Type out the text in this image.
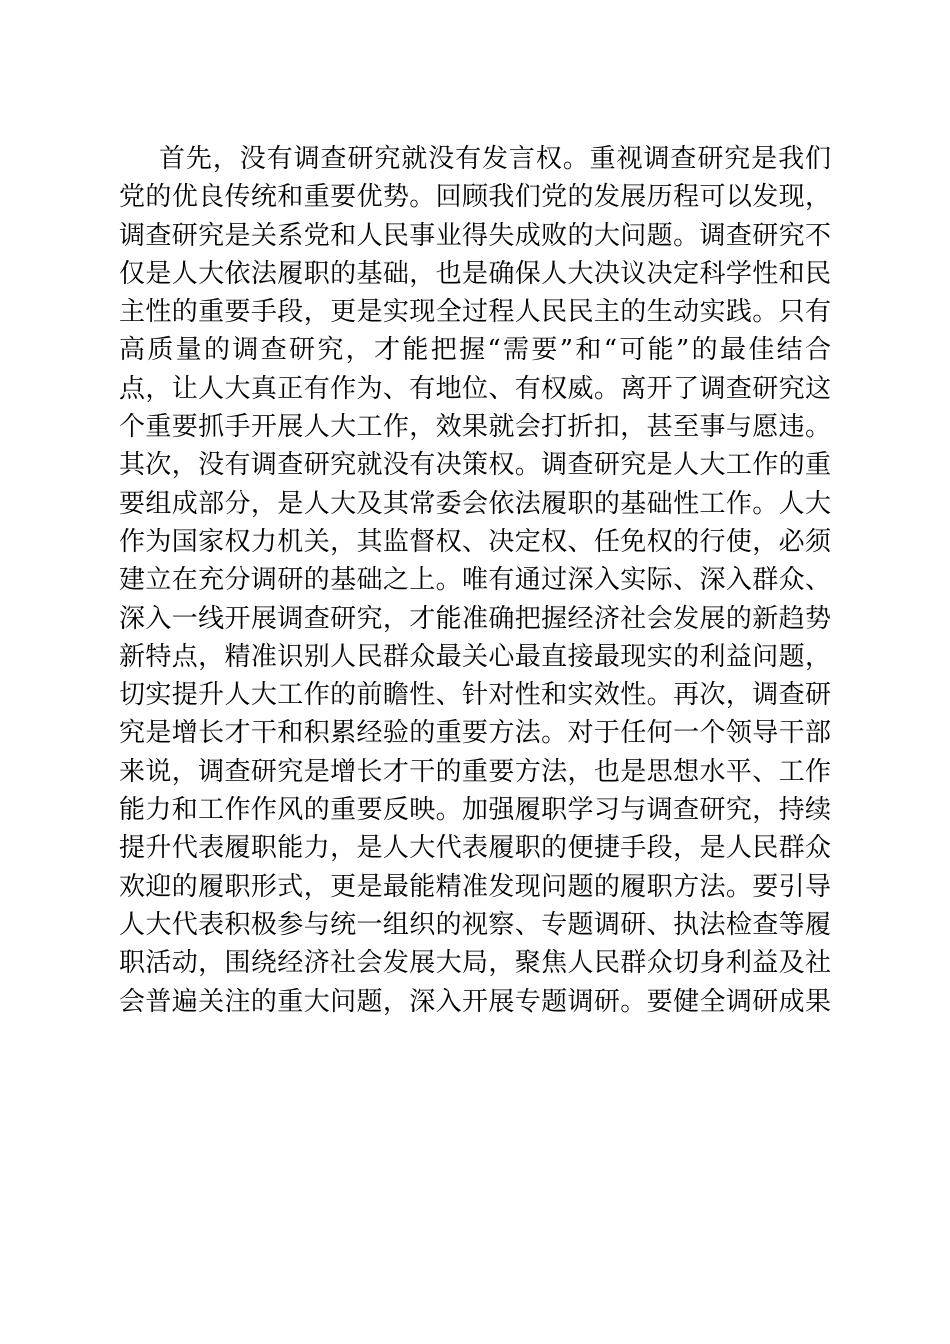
首先，没有调查研究就没有发言权。重视调查研究是我们
党的优良传统和重要优势。回顾我们党的发展历程可以发现，
调查研究是关系党和人民事业得失成败的大问题。调查研究不
仅是人大依法履职的基础，也是确保人大决议决定科学性和民
主性的重要手段，更是实现全过程人民民主的生动实践。只有
高质量的调查研究，才能把握“需要”和“可能”的最佳结合
点，让人大真正有作为、有地位、有权威。离开了调查研究这
个重要抓手开展人大工作，效果就会打折扣，甚至事与愿违。
其次，没有调查研究就没有决策权。调查研究是人大工作的重
要组成部分，是人大及其常委会依法履职的基础性工作。人大
作为国家权力机关，其监督权、决定权、任免权的行使，必须
建立在充分调研的基础之上。唯有通过深入实际、深入群众、
深入一线开展调查研究，才能准确把握经济社会发展的新趋势
新特点，精准识别人民群众最关心最直接最现实的利益问题，
切实提升人大工作的前瞻性、针对性和实效性。再次，调查研
究是增长才干和积累经验的重要方法。对于任何一个领导干部
来说，调查研究是增长才干的重要方法，也是思想水平、工作
能力和工作作风的重要反映。加强履职学习与调查研究，持续
提升代表履职能力，是人大代表履职的便捷手段，是人民群众
欢迎的履职形式，更是最能精准发现问题的履职方法。要引导
人大代表积极参与统一组织的视察、专题调研、执法检查等履
职活动，围绕经济社会发展大局，聚焦人民群众切身利益及社
会普遍关注的重大问题，深入开展专题调研。要健全调研成果
